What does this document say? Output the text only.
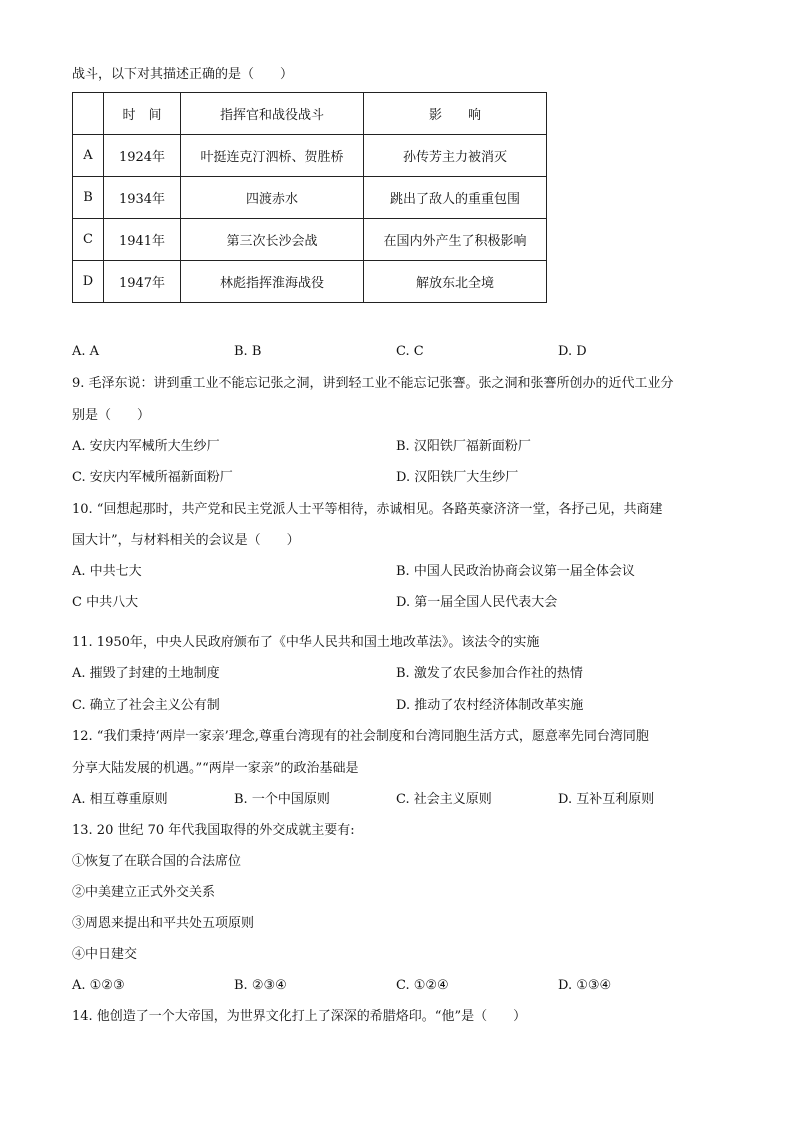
战斗，以下对其描述正确的是（　　）
	时　间	指挥官和战役战斗	影　　响
A	1924年	叶挺连克汀泗桥、贺胜桥	孙传芳主力被消灭
B	1934年	四渡赤水	跳出了敌人的重重包围
C	1941年	第三次长沙会战	在国内外产生了积极影响
D	1947年	林彪指挥淮海战役	解放东北全境
A. A	B. B	C. C	D. D
9. 毛泽东说：讲到重工业不能忘记张之洞，讲到轻工业不能忘记张謇。张之洞和张謇所创办的近代工业分
别是（　　）
A. 安庆内军械所大生纱厂	B. 汉阳铁厂福新面粉厂
C. 安庆内军械所福新面粉厂	D. 汉阳铁厂大生纱厂
10. “回想起那时，共产党和民主党派人士平等相待，赤诚相见。各路英豪济济一堂，各抒己见，共商建
国大计”，与材料相关的会议是（　　）
A. 中共七大	B. 中国人民政治协商会议第一届全体会议
C 中共八大	D. 第一届全国人民代表大会
11. 1950年，中央人民政府颁布了《中华人民共和国土地改革法》。该法令的实施
A. 摧毁了封建的土地制度	B. 激发了农民参加合作社的热情
C. 确立了社会主义公有制	D. 推动了农村经济体制改革实施
12. “我们秉持‘两岸一家亲’理念,尊重台湾现有的社会制度和台湾同胞生活方式，愿意率先同台湾同胞
分享大陆发展的机遇。”“两岸一家亲”的政治基础是
A. 相互尊重原则	B. 一个中国原则	C. 社会主义原则	D. 互补互利原则
13. 20 世纪 70 年代我国取得的外交成就主要有:
①恢复了在联合国的合法席位
②中美建立正式外交关系
③周恩来提出和平共处五项原则
④中日建交
A. ①②③	B. ②③④	C. ①②④	D. ①③④
14. 他创造了一个大帝国，为世界文化打上了深深的希腊烙印。“他”是（　　）
